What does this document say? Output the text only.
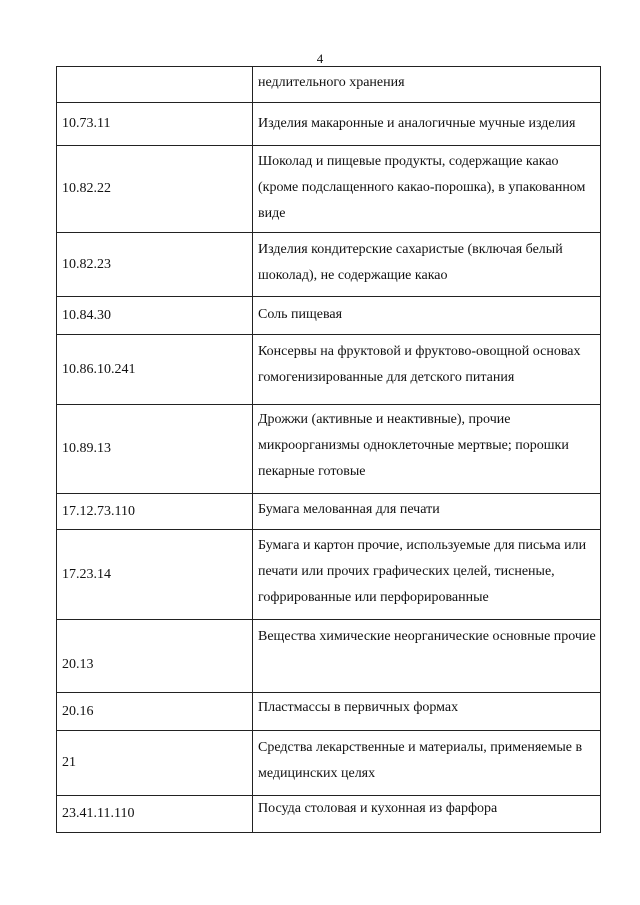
4

	недлительного хранения

10.73.11	Изделия макаронные и аналогичные мучные изделия

10.82.22	Шоколад и пищевые продукты, содержащие какао (кроме подслащенного какао-порошка), в упакованном виде

10.82.23	Изделия кондитерские сахаристые (включая белый шоколад), не содержащие какао

10.84.30	Соль пищевая

10.86.10.241	Консервы на фруктовой и фруктово-овощной основах гомогенизированные для детского питания

10.89.13	Дрожжи (активные и неактивные), прочие микроорганизмы одноклеточные мертвые; порошки пекарные готовые

17.12.73.110	Бумага мелованная для печати

17.23.14	Бумага и картон прочие, используемые для письма или печати или прочих графических целей, тисненые, гофрированные или перфорированные

20.13	Вещества химические неорганические основные прочие

20.16	Пластмассы в первичных формах

21	Средства лекарственные и материалы, применяемые в медицинских целях

23.41.11.110	Посуда столовая и кухонная из фарфора
